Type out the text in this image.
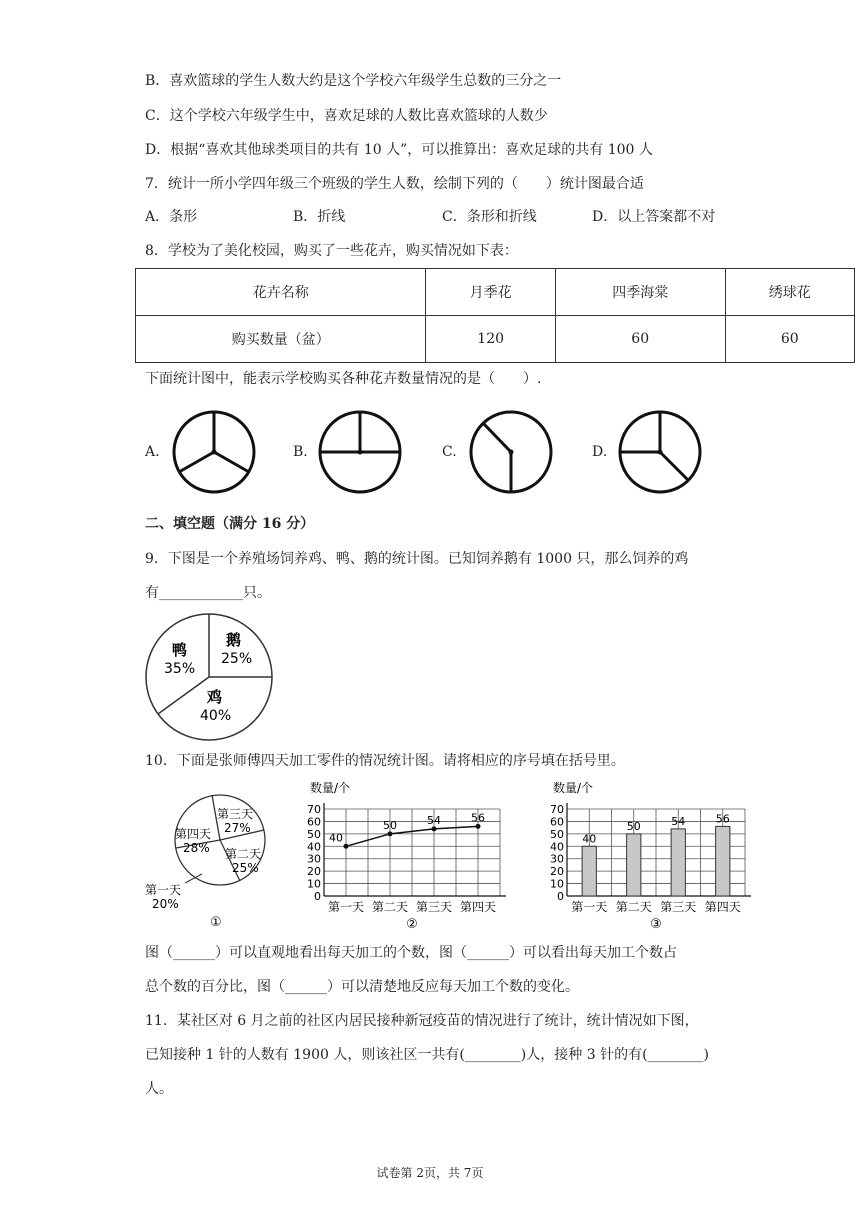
B．喜欢篮球的学生人数大约是这个学校六年级学生总数的三分之一
C．这个学校六年级学生中，喜欢足球的人数比喜欢篮球的人数少
D．根据“喜欢其他球类项目的共有 10 人”，可以推算出：喜欢足球的共有 100 人
7．统计一所小学四年级三个班级的学生人数，绘制下列的（　　）统计图最合适
A．条形	B．折线	C．条形和折线	D．以上答案都不对
8．学校为了美化校园，购买了一些花卉，购买情况如下表：
花卉名称	月季花	四季海棠	绣球花
购买数量（盆）	120	60	60
下面统计图中，能表示学校购买各种花卉数量情况的是（　　）.
A.	B.	C.	D.
二、填空题（满分 16 分）
9．下图是一个养殖场饲养鸡、鸭、鹅的统计图。已知饲养鹅有 1000 只，那么饲养的鸡
有____________只。
鸭
35%
鹅
25%
鸡
40%
10．下面是张师傅四天加工零件的情况统计图。请将相应的序号填在括号里。
第三天
27%
第四天
28% 第二天
25%
第一天
20%
①
数量/个
0
10
20
30
40
50
60
70
第一天 第二天 第三天 第四天
40
50	54	56
②
数量/个
0
10
20
30
40
50
60
70
第一天 第二天 第三天 第四天
40
50	54	56
③
图（______）可以直观地看出每天加工的个数，图（______）可以看出每天加工个数占
总个数的百分比，图（______）可以清楚地反应每天加工个数的变化。
11．某社区对 6 月之前的社区内居民接种新冠疫苗的情况进行了统计，统计情况如下图，
已知接种 1 针的人数有 1900 人，则该社区一共有(________)人，接种 3 针的有(________)
人。
试卷第 2页，共 7页
